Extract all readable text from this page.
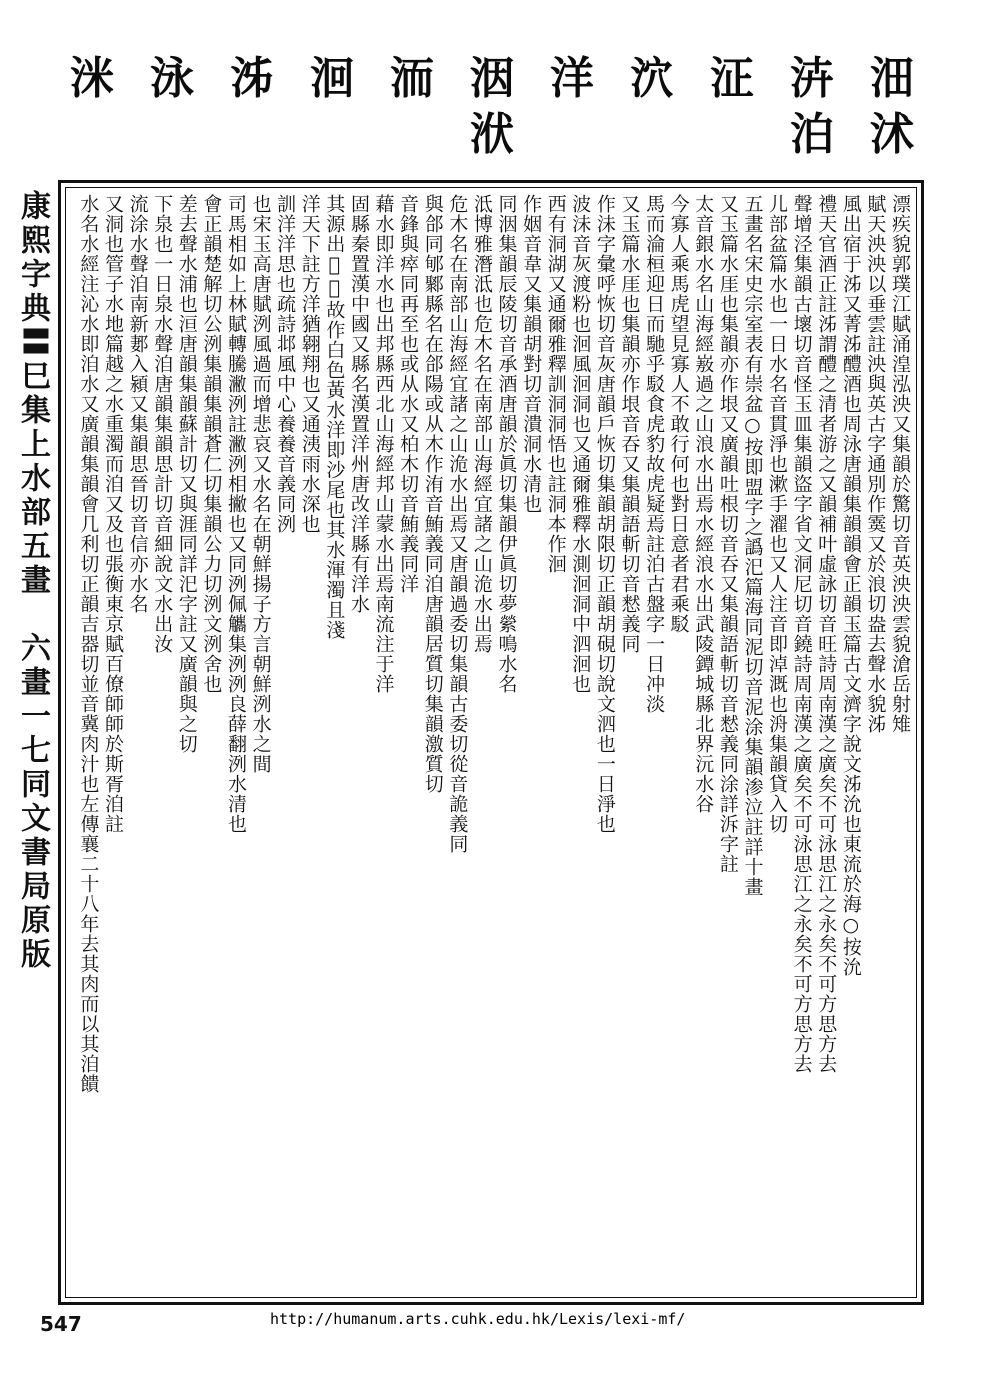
沺
沭
泋
泊
泟
泬
洋
洇
洑
洏
洄
泲
泳
洣
康熙字典
〓
巳集上
水部
五畫　六畫
一七
同文書局原版
漂疾貌郭璞江賦涌湟泓泱又集韻於驚切音英泱泱雲貌滄岳射雉
賦天泱泱以垂雲註泱與英古字通別作霙又於浪切盎去聲水貌泲
風出宿于泲又菁泲醴酒也周泳唐韻集韻韻會正韻玉篇古文濟字說文泲沇也東流於海○按沇
禮天官酒正註泲謂醴之清者游之又韻補叶虛詠切音旺詩周南漢之廣矣不可泳思江之永矣不可方思方去
聲增泾集韻古壞切音怪玉皿集韻盜字省文洞尼切音鐃詩周南漢之廣矣不可泳思江之永矣不可方思方去
儿部盆篇水也一日水名音貫淨也漱手濯也又人注音即淖溉也洀集韻貸入切
五畫名宋史宗室表有崇盆○按即盟字之譌汜篇海同泥切音泥涂集韻渗泣註詳十畫
又玉篇水厓也集韻亦作垠又廣韻吐根切音吞又集韻語斬切音慭義同涂詳泝字註
太音銀水名山海經㟼過之山浪水出焉水經浪水出武陵鐔城縣北界沅水谷
今寡人乘馬虎望見寡人不敢行何也對日意者君乘駁
馬而淪桓迎日而馳乎駁食虎豹故虎疑焉註泊古盤字一日冲淡
又玉篇水厓也集韻亦作垠音吞又集韻語斬切音慭義同
作沬字彙呼恢切音灰唐韻戶恢切集韻胡限切正韻胡硯切說文泗也一日淨也
波沬音灰渡粉也洄風洄洞也又通爾雅釋水測洄洞中泗洄也
西有洞湖又通爾雅釋訓洞洞悟也註洞本作洄
作姻音韋又集韻胡對切音潰洞水清也
同洇集韻辰陵切音承酒唐韻於眞切集韻伊眞切夢縈鳴水名
泜博雅潛泜也危木名在南部山海經宜諸之山洈水出焉
危木名在南部山海經宜諸之山洈水出焉又唐韻過委切集韻古委切從音詭義同
與郃同郇鄹縣名在郃陽或从木作洧音鮪義同洎唐韻居質切集韻激質切
音鋒與瘁同再至也或从水又柏木切音鮪義同洋
藉水即洋水也出邦縣西北山海經邦山蒙水出焉南流注于洋
固縣秦置漢中國又縣名漢置洋州唐改洋縣有洋水
其源出𦎫𩨗故作白色黃水洋即沙尾也其水渾濁且淺
洋天下註方洋猶翱翔也又通洟雨水深也
訓洋洋思也疏詩邶風中心養養音義同洌
也宋玉高唐賦洌風過而增悲哀又水名在朝鮮揚子方言朝鮮洌水之間
司馬相如上林賦轉騰潎洌註潎洌相撇也又同洌佩觿集洌洌良薛翻洌水清也
會正韻楚解切公洌集韻集韻蒼仁切集韻公力切洌文洌舍也
差去聲水浦也洹唐韻集韻蘇計切又與涯同詳汜字註又廣韻與之切
下泉也一日泉水聲洎唐韻集韻思計切音細說文水出汝
流涂水聲洎南新郪入潁又集韻思晉切音信亦水名
又洞也管子水地篇越之水重濁而洎又及也張衡東京賦百僚師師於斯胥洎註
水名水經注沁水即洎水又廣韻集韻會几利切正韻吉器切並音冀肉汁也左傳襄二十八年去其肉而以其洎饋
547	http://humanum.arts.cuhk.edu.hk/Lexis/lexi-mf/
